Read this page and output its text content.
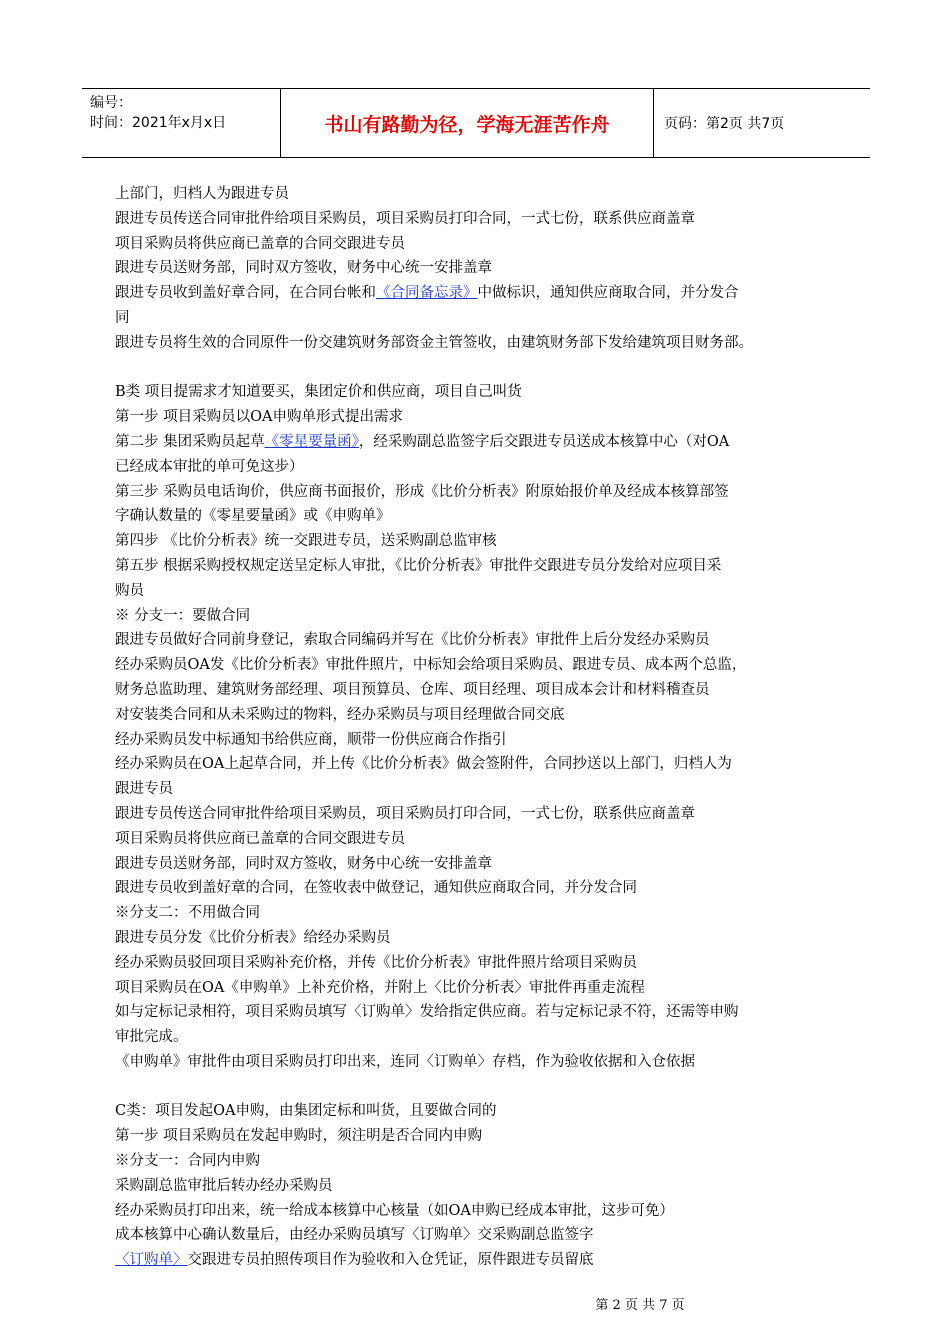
编号：
时间：2021年x月x日	书山有路勤为径，学海无涯苦作舟	页码：第2页 共7页

上部门，归档人为跟进专员

跟进专员传送合同审批件给项目采购员，项目采购员打印合同，一式七份，联系供应商盖章

项目采购员将供应商已盖章的合同交跟进专员

跟进专员送财务部，同时双方签收，财务中心统一安排盖章

跟进专员收到盖好章合同，在合同台帐和《合同备忘录》中做标识，通知供应商取合同，并分发合

同

跟进专员将生效的合同原件一份交建筑财务部资金主管签收，由建筑财务部下发给建筑项目财务部。

B类 项目提需求才知道要买，集团定价和供应商，项目自己叫货

第一步 项目采购员以OA申购单形式提出需求

第二步 集团采购员起草《零星要量函》，经采购副总监签字后交跟进专员送成本核算中心（对OA

已经成本审批的单可免这步）

第三步 采购员电话询价，供应商书面报价，形成《比价分析表》附原始报价单及经成本核算部签

字确认数量的《零星要量函》或《申购单》

第四步 《比价分析表》统一交跟进专员，送采购副总监审核

第五步 根据采购授权规定送呈定标人审批，《比价分析表》审批件交跟进专员分发给对应项目采

购员

※ 分支一：要做合同

跟进专员做好合同前身登记，索取合同编码并写在《比价分析表》审批件上后分发经办采购员

经办采购员OA发《比价分析表》审批件照片，中标知会给项目采购员、跟进专员、成本两个总监，

财务总监助理、建筑财务部经理、项目预算员、仓库、项目经理、项目成本会计和材料稽查员

对安装类合同和从未采购过的物料，经办采购员与项目经理做合同交底

经办采购员发中标通知书给供应商，顺带一份供应商合作指引

经办采购员在OA上起草合同，并上传《比价分析表》做会签附件，合同抄送以上部门，归档人为

跟进专员

跟进专员传送合同审批件给项目采购员，项目采购员打印合同，一式七份，联系供应商盖章

项目采购员将供应商已盖章的合同交跟进专员

跟进专员送财务部，同时双方签收，财务中心统一安排盖章

跟进专员收到盖好章的合同，在签收表中做登记，通知供应商取合同，并分发合同

※分支二：不用做合同

跟进专员分发《比价分析表》给经办采购员

经办采购员驳回项目采购补充价格，并传《比价分析表》审批件照片给项目采购员

项目采购员在OA《申购单》上补充价格，并附上〈比价分析表〉审批件再重走流程

如与定标记录相符，项目采购员填写〈订购单〉发给指定供应商。若与定标记录不符，还需等申购

审批完成。

《申购单》审批件由项目采购员打印出来，连同〈订购单〉存档，作为验收依据和入仓依据

C类：项目发起OA申购，由集团定标和叫货，且要做合同的

第一步 项目采购员在发起申购时，须注明是否合同内申购

※分支一：合同内申购

采购副总监审批后转办经办采购员

经办采购员打印出来，统一给成本核算中心核量（如OA申购已经成本审批，这步可免）

成本核算中心确认数量后，由经办采购员填写〈订购单〉交采购副总监签字

〈订购单〉交跟进专员拍照传项目作为验收和入仓凭证，原件跟进专员留底

第 2 页 共 7 页
